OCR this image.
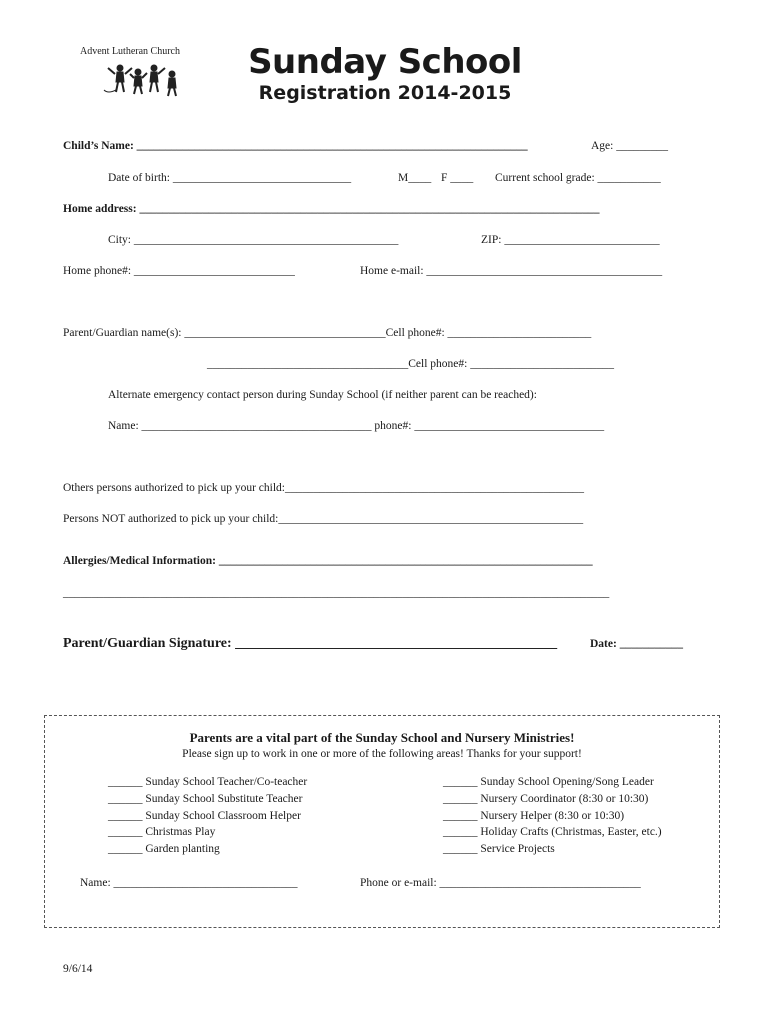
Advent Lutheran Church	Sunday School
Registration 2014-2015
Child’s Name: ____________________________________________________________________	Age: _________
Date of birth: _______________________________	M____ F ____ Current school grade: ___________
Home address: ________________________________________________________________________________
City: ______________________________________________	ZIP: ___________________________
Home phone#: ____________________________	Home e-mail: _________________________________________
Parent/Guardian name(s): ___________________________________Cell phone#: _________________________
___________________________________Cell phone#: _________________________
Alternate emergency contact person during Sunday School (if neither parent can be reached):
Name: ________________________________________ phone#: _________________________________
Others persons authorized to pick up your child:____________________________________________________
Persons NOT authorized to pick up your child:_____________________________________________________
Allergies/Medical Information: _________________________________________________________________
_______________________________________________________________________________________________
Parent/Guardian Signature: ______________________________________________	Date: ___________
Parents are a vital part of the Sunday School and Nursery Ministries!
Please sign up to work in one or more of the following areas! Thanks for your support!
______ Sunday School Teacher/Co-teacher
______ Sunday School Substitute Teacher
______ Sunday School Classroom Helper
______ Christmas Play
______ Garden planting
______ Sunday School Opening/Song Leader
______ Nursery Coordinator (8:30 or 10:30)
______ Nursery Helper (8:30 or 10:30)
______ Holiday Crafts (Christmas, Easter, etc.)
______ Service Projects
Name: ________________________________	Phone or e-mail: ___________________________________
9/6/14
